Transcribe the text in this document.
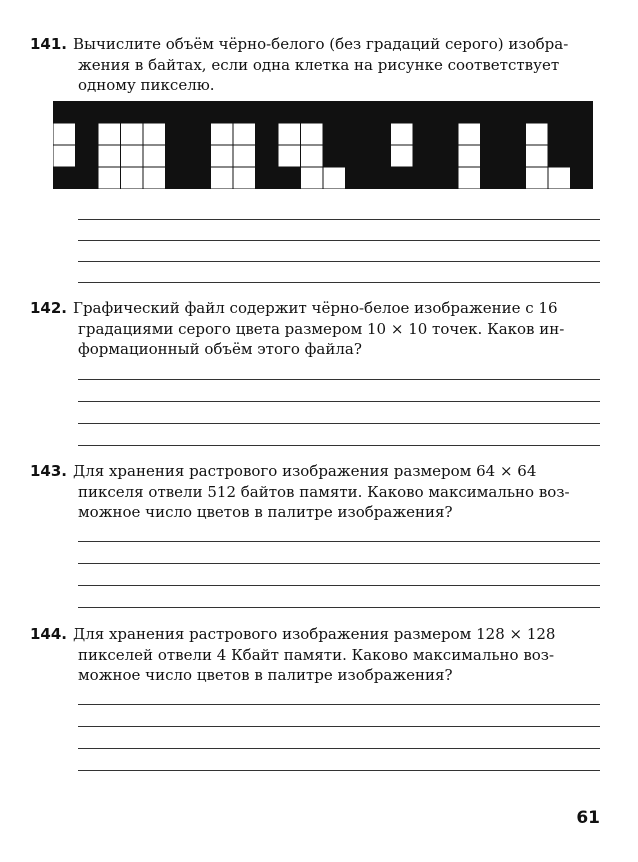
141. Вычислите объём чёрно-белого (без градаций серого) изобра-

жения в байтах, если одна клетка на рисунке соответствует
одному пикселю.

142. Графический файл содержит чёрно-белое изображение с 16

градациями серого цвета размером 10 × 10 точек. Каков ин-
формационный объём этого файла?

143. Для хранения растрового изображения размером 64 × 64

пикселя отвели 512 байтов памяти. Каково максимально воз-
можное число цветов в палитре изображения?

144. Для хранения растрового изображения размером 128 × 128

пикселей отвели 4 Кбайт памяти. Каково максимально воз-
можное число цветов в палитре изображения?

61
